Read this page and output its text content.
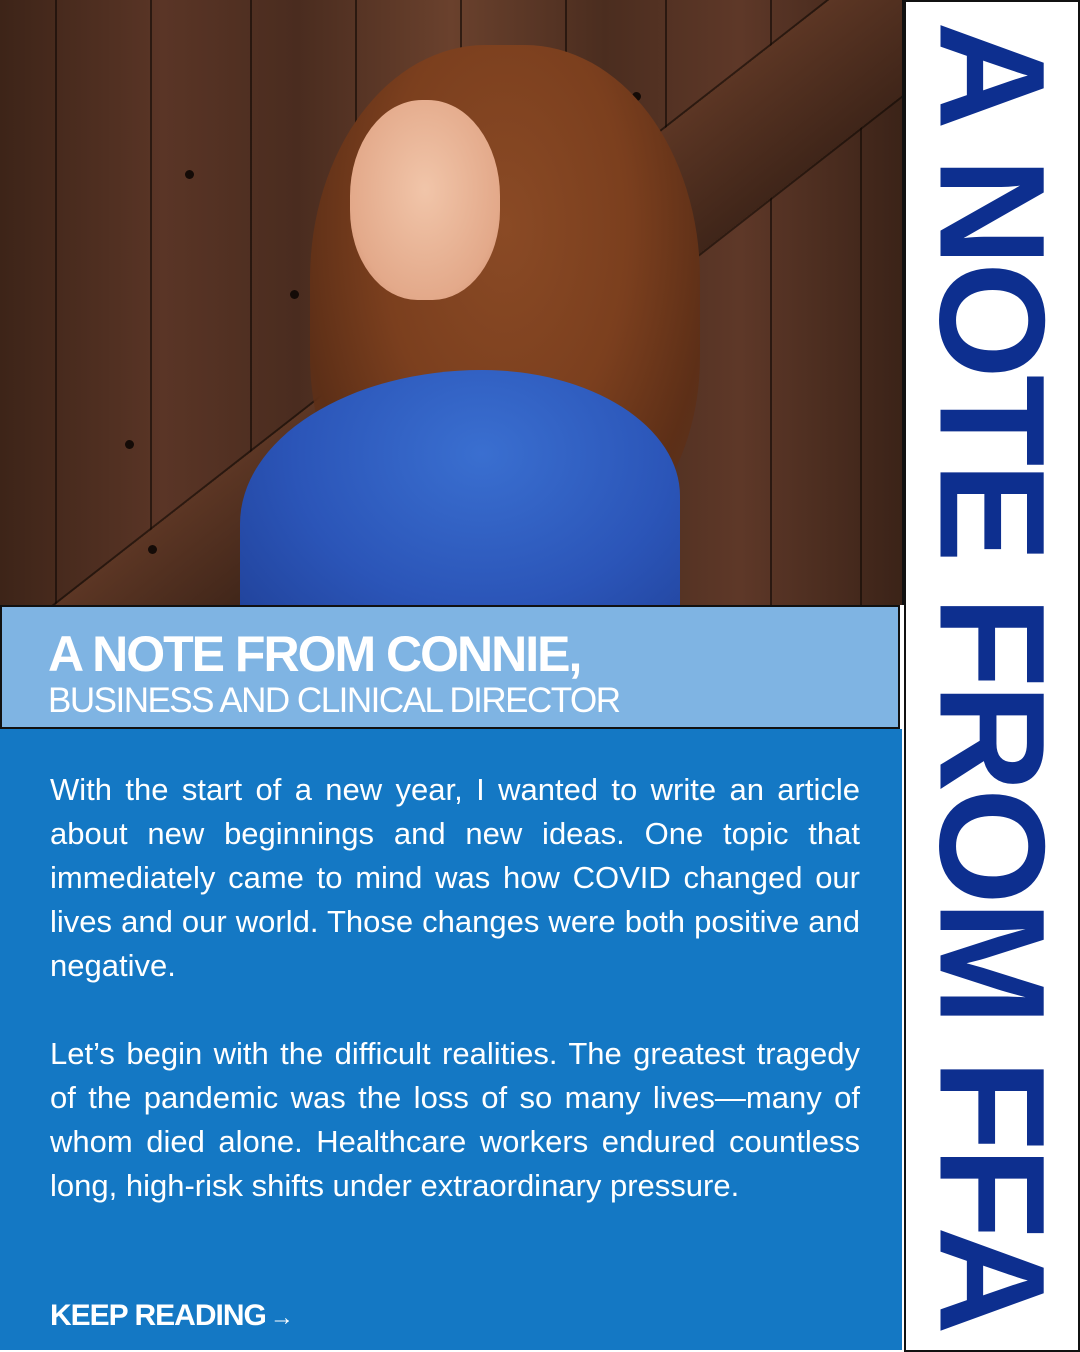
A NOTE FROM CONNIE,
BUSINESS AND CLINICAL DIRECTOR

With the start of a new year, I wanted to write an article about new beginnings and new ideas. One topic that immediately came to mind was how COVID changed our lives and our world. Those changes were both positive and negative.

Let’s begin with the difficult realities. The greatest tragedy of the pandemic was the loss of so many lives—many of whom died alone. Healthcare workers endured countless long, high-risk shifts under extraordinary pressure.

KEEP READING →	A NOTE FROM FFA
